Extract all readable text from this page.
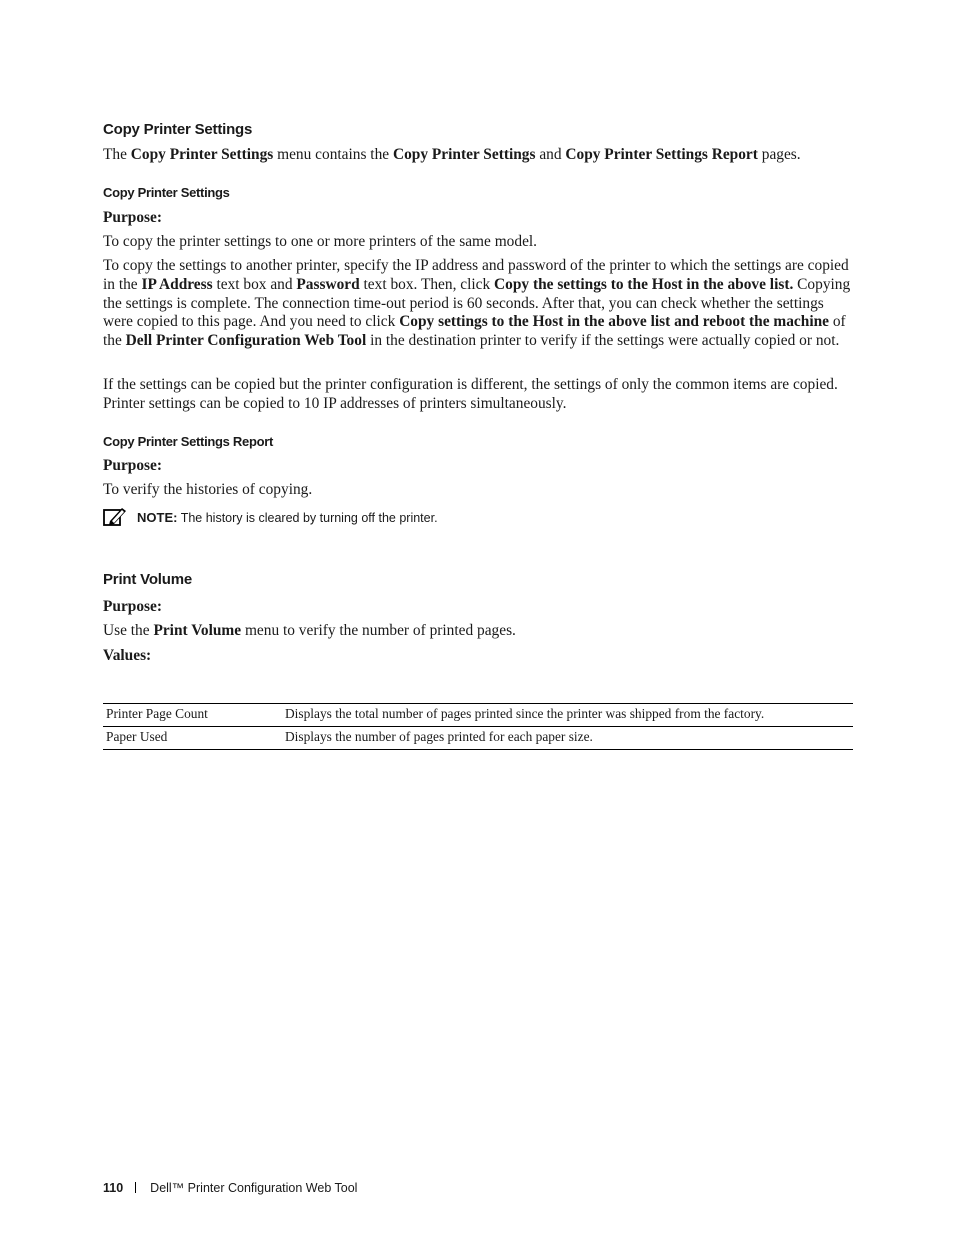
Copy Printer Settings
The Copy Printer Settings menu contains the Copy Printer Settings and Copy Printer Settings Report pages.
Copy Printer Settings
Purpose:
To copy the printer settings to one or more printers of the same model.
To copy the settings to another printer, specify the IP address and password of the printer to which the settings are copied in the IP Address text box and Password text box. Then, click Copy the settings to the Host in the above list. Copying the settings is complete. The connection time-out period is 60 seconds. After that, you can check whether the settings were copied to this page. And you need to click Copy settings to the Host in the above list and reboot the machine of the Dell Printer Configuration Web Tool in the destination printer to verify if the settings were actually copied or not.
If the settings can be copied but the printer configuration is different, the settings of only the common items are copied. Printer settings can be copied to 10 IP addresses of printers simultaneously.
Copy Printer Settings Report
Purpose:
To verify the histories of copying.
NOTE: The history is cleared by turning off the printer.
Print Volume
Purpose:
Use the Print Volume menu to verify the number of printed pages.
Values:
Printer Page Count	Displays the total number of pages printed since the printer was shipped from the factory.
Paper Used	Displays the number of pages printed for each paper size.
110 Dell™ Printer Configuration Web Tool
